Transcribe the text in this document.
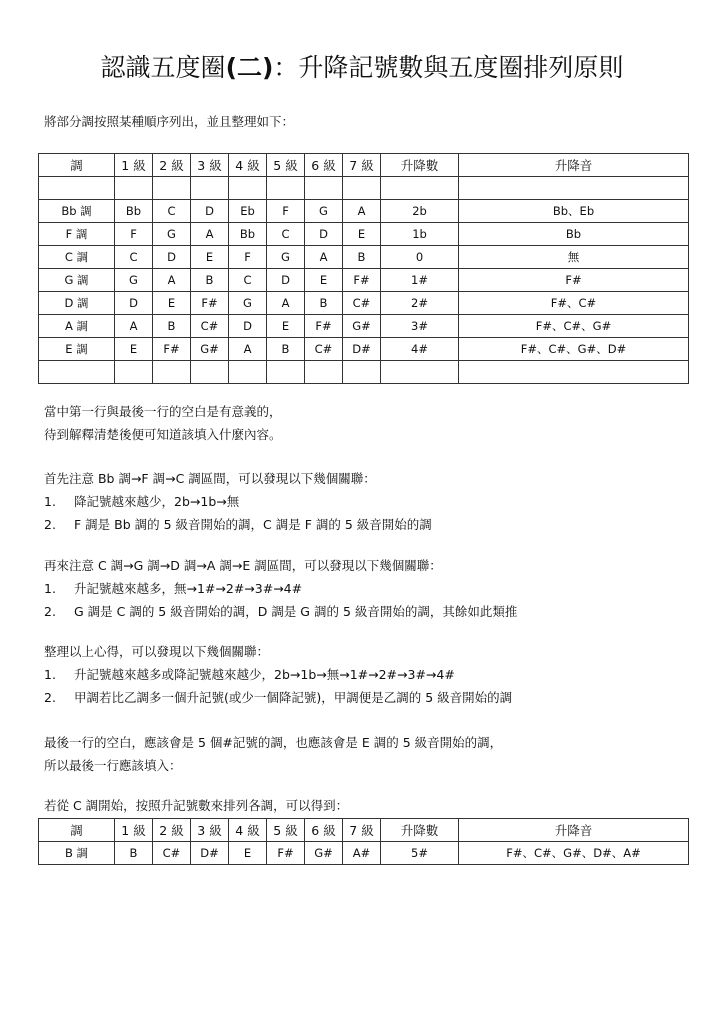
認識五度圈(二)：升降記號數與五度圈排列原則
將部分調按照某種順序列出，並且整理如下：
調	1 級	2 級	3 級	4 級	5 級	6 級	7 級	升降數	升降音

Bb 調	Bb	C	D	Eb	F	G	A	2b	Bb、Eb
F 調	F	G	A	Bb	C	D	E	1b	Bb
C 調	C	D	E	F	G	A	B	0	無
G 調	G	A	B	C	D	E	F#	1#	F#
D 調	D	E	F#	G	A	B	C#	2#	F#、C#
A 調	A	B	C#	D	E	F#	G#	3#	F#、C#、G#
E 調	E	F#	G#	A	B	C#	D#	4#	F#、C#、G#、D#

當中第一行與最後一行的空白是有意義的，
待到解釋清楚後便可知道該填入什麼內容。
首先注意 Bb 調→F 調→C 調區間，可以發現以下幾個關聯：
1.	降記號越來越少，2b→1b→無
2.	F 調是 Bb 調的 5 級音開始的調，C 調是 F 調的 5 級音開始的調
再來注意 C 調→G 調→D 調→A 調→E 調區間，可以發現以下幾個關聯：
1.	升記號越來越多，無→1#→2#→3#→4#
2.	G 調是 C 調的 5 級音開始的調，D 調是 G 調的 5 級音開始的調，其餘如此類推
整理以上心得，可以發現以下幾個關聯：
1.	升記號越來越多或降記號越來越少，2b→1b→無→1#→2#→3#→4#
2.	甲調若比乙調多一個升記號(或少一個降記號)，甲調便是乙調的 5 級音開始的調
最後一行的空白，應該會是 5 個#記號的調，也應該會是 E 調的 5 級音開始的調，
所以最後一行應該填入：
若從 C 調開始，按照升記號數來排列各調，可以得到：
調	1 級	2 級	3 級	4 級	5 級	6 級	7 級	升降數	升降音
B 調	B	C#	D#	E	F#	G#	A#	5#	F#、C#、G#、D#、A#
